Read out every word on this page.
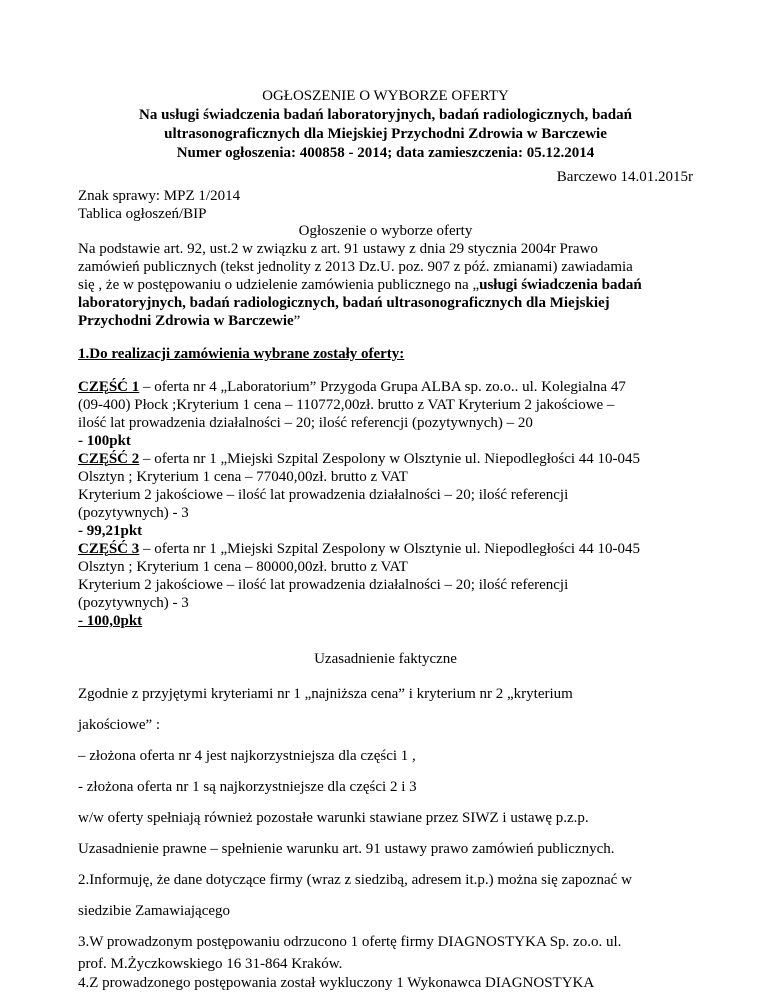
OGŁOSZENIE O WYBORZE OFERTY
Na usługi świadczenia badań laboratoryjnych, badań radiologicznych, badań
ultrasonograficznych dla Miejskiej Przychodni Zdrowia w Barczewie
Numer ogłoszenia: 400858 - 2014; data zamieszczenia: 05.12.2014
Barczewo 14.01.2015r
Znak sprawy: MPZ 1/2014
Tablica ogłoszeń/BIP
Ogłoszenie o wyborze oferty
Na podstawie art. 92, ust.2 w związku z art. 91 ustawy z dnia 29 stycznia 2004r Prawo
zamówień publicznych (tekst jednolity z 2013 Dz.U. poz. 907 z póź. zmianami) zawiadamia
się , że w postępowaniu o udzielenie zamówienia publicznego na „usługi świadczenia badań
laboratoryjnych, badań radiologicznych, badań ultrasonograficznych dla Miejskiej
Przychodni Zdrowia w Barczewie”
1.Do realizacji zamówienia wybrane zostały oferty:
CZĘŚĆ 1 – oferta nr 4 „Laboratorium” Przygoda Grupa ALBA sp. zo.o.. ul. Kolegialna 47
(09-400) Płock ;Kryterium 1 cena – 110772,00zł. brutto z VAT Kryterium 2 jakościowe –
ilość lat prowadzenia działalności – 20; ilość referencji (pozytywnych) – 20
- 100pkt
CZĘŚĆ 2 – oferta nr 1 „Miejski Szpital Zespolony w Olsztynie ul. Niepodległości 44 10-045
Olsztyn ; Kryterium 1 cena – 77040,00zł. brutto z VAT
Kryterium 2 jakościowe – ilość lat prowadzenia działalności – 20; ilość referencji
(pozytywnych) - 3
- 99,21pkt
CZĘŚĆ 3 – oferta nr 1 „Miejski Szpital Zespolony w Olsztynie ul. Niepodległości 44 10-045
Olsztyn ; Kryterium 1 cena – 80000,00zł. brutto z VAT
Kryterium 2 jakościowe – ilość lat prowadzenia działalności – 20; ilość referencji
(pozytywnych) - 3
- 100,0pkt
Uzasadnienie faktyczne
Zgodnie z przyjętymi kryteriami nr 1 „najniższa cena” i kryterium nr 2 „kryterium
jakościowe” :
– złożona oferta nr 4 jest najkorzystniejsza dla części 1 ,
- złożona oferta nr 1 są najkorzystniejsze dla części 2 i 3
w/w oferty spełniają również pozostałe warunki stawiane przez SIWZ i ustawę p.z.p.
Uzasadnienie prawne – spełnienie warunku art. 91 ustawy prawo zamówień publicznych.
2.Informuję, że dane dotyczące firmy (wraz z siedzibą, adresem it.p.) można się zapoznać w
siedzibie Zamawiającego
3.W prowadzonym postępowaniu odrzucono 1 ofertę firmy DIAGNOSTYKA Sp. zo.o. ul.
prof. M.Życzkowskiego 16 31-864 Kraków.
4.Z prowadzonego postępowania został wykluczony 1 Wykonawca DIAGNOSTYKA
